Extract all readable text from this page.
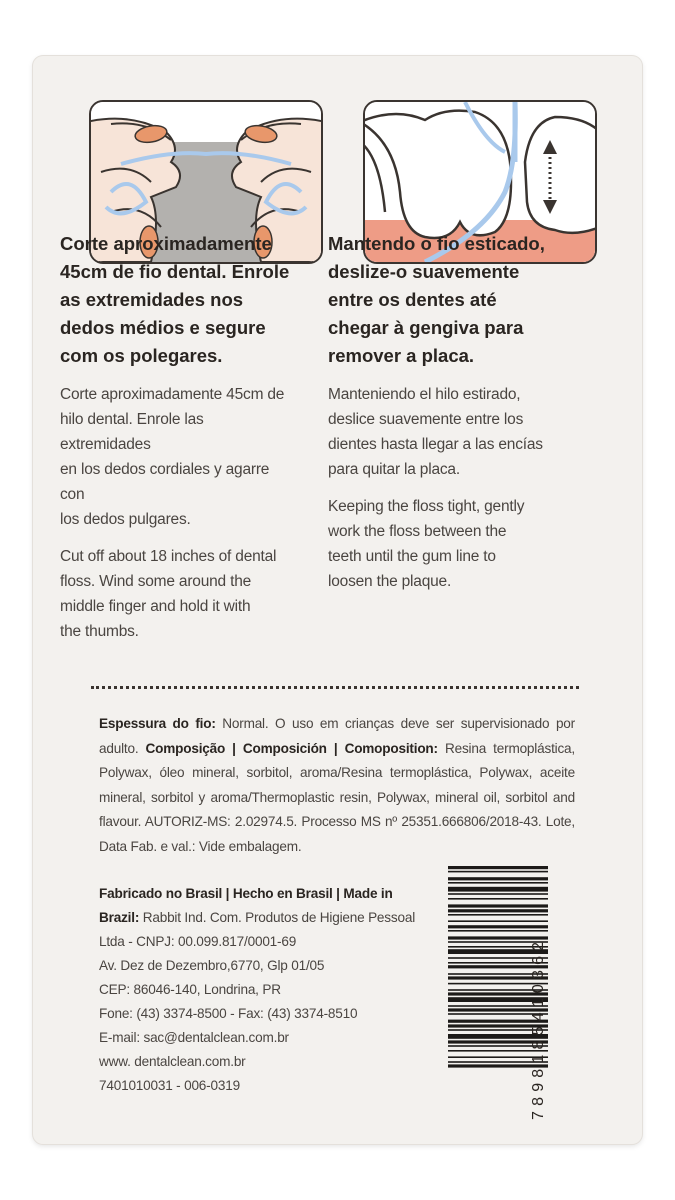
Corte aproximadamente
45cm de fio dental. Enrole
as extremidades nos
dedos médios e segure
com os polegares.

Corte aproximadamente 45cm de
hilo dental. Enrole las extremidades
en los dedos cordiales y agarre con
los dedos pulgares.

Cut off about 18 inches of dental
floss. Wind some around the
middle finger and hold it with
the thumbs.

Mantendo o fio esticado,
deslize-o suavemente
entre os dentes até
chegar à gengiva para
remover a placa.

Manteniendo el hilo estirado,
deslice suavemente entre los
dientes hasta llegar a las encías
para quitar la placa.

Keeping the floss tight, gently
work the floss between the
teeth until the gum line to
loosen the plaque.

Espessura do fio: Normal. O uso em crianças deve ser supervisionado por adulto. Composição | Composición | Comoposition: Resina termoplástica, Polywax, óleo mineral, sorbitol, aroma/Resina termoplástica, Polywax, aceite mineral, sorbitol y aroma/Thermoplastic resin, Polywax, mineral oil, sorbitol and flavour. AUTORIZ-MS: 2.02974.5. Processo MS nº 25351.666806/2018-43. Lote, Data Fab. e val.: Vide embalagem.
Fabricado no Brasil | Hecho en Brasil | Made in
Brazil: Rabbit Ind. Com. Produtos de Higiene Pessoal
Ltda - CNPJ: 00.099.817/0001-69
Av. Dez de Dezembro,6770, Glp 01/05
CEP: 86046-140, Londrina, PR
Fone: (43) 3374-8500 - Fax: (43) 3374-8510
E-mail: sac@dentalclean.com.br
www. dentalclean.com.br
7401010031 - 006-0319	7898185410362
